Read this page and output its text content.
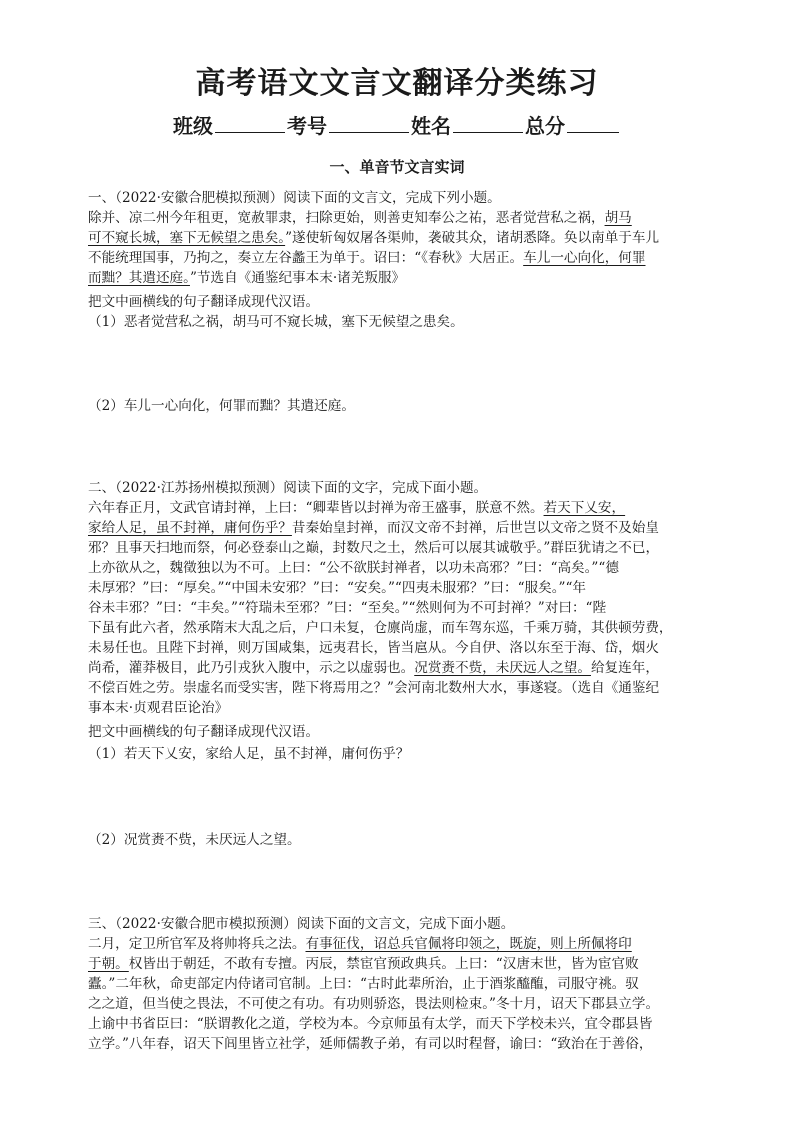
高考语文文言文翻译分类练习
班级	考号	姓名	总分
一、单音节文言实词
一、（2022·安徽合肥模拟预测）阅读下面的文言文，完成下列小题。
除并、凉二州今年租更，宽赦罪隶，扫除更始，则善吏知奉公之祐，恶者觉营私之祸，胡马
可不窥长城，塞下无候望之患矣。”遂使斩匈奴屠各渠帅，袭破其众，诸胡悉降。奂以南单于车儿
不能统理国事，乃拘之，奏立左谷蠡王为单于。诏曰：“《春秋》大居正。车儿一心向化，何罪
而黜？其遣还庭。”节选自《通鉴纪事本末·诸羌叛服》
把文中画横线的句子翻译成现代汉语。
（1）恶者觉营私之祸，胡马可不窥长城，塞下无候望之患矣。
（2）车儿一心向化，何罪而黜？其遣还庭。
二、（2022·江苏扬州模拟预测）阅读下面的文字，完成下面小题。
六年春正月，文武官请封禅，上曰：“卿辈皆以封禅为帝王盛事，朕意不然。若天下乂安，
家给人足，虽不封禅，庸何伤乎？昔秦始皇封禅，而汉文帝不封禅，后世岂以文帝之贤不及始皇
邪？且事天扫地而祭，何必登泰山之巅，封数尺之土，然后可以展其诚敬乎。”群臣犹请之不已，
上亦欲从之，魏徵独以为不可。上曰：“公不欲朕封禅者，以功未高邪？”曰：“高矣。”“德
未厚邪？”曰：“厚矣。”“中国未安邪？”曰：“安矣。”“四夷未服邪？”曰：“服矣。”“年
谷未丰邪？”曰：“丰矣。”“符瑞未至邪？”曰：“至矣。”“然则何为不可封禅？”对曰：“陛
下虽有此六者，然承隋末大乱之后，户口未复，仓廪尚虚，而车驾东巡，千乘万骑，其供顿劳费，
未易任也。且陛下封禅，则万国咸集，远夷君长，皆当扈从。今自伊、洛以东至于海、岱，烟火
尚希，灌莽极目，此乃引戎狄入腹中，示之以虚弱也。况赏赉不赀，未厌远人之望。给复连年，
不偿百姓之劳。崇虚名而受实害，陛下将焉用之？”会河南北数州大水，事遂寝。（选自《通鉴纪
事本末·贞观君臣论治》
把文中画横线的句子翻译成现代汉语。
（1）若天下乂安，家给人足，虽不封禅，庸何伤乎？
（2）况赏赉不赀，未厌远人之望。
三、（2022·安徽合肥市模拟预测）阅读下面的文言文，完成下面小题。
二月，定卫所官军及将帅将兵之法。有事征伐，诏总兵官佩将印领之，既旋，则上所佩将印
于朝。权皆出于朝廷，不敢有专擅。丙辰，禁宦官预政典兵。上曰：“汉唐末世，皆为宦官败
蠹。”二年秋，命吏部定内侍诸司官制。上曰：“古时此辈所治，止于酒浆醯醢，司服守祧。驭
之之道，但当使之畏法，不可使之有功。有功则骄恣，畏法则检束。”冬十月，诏天下郡县立学。
上谕中书省臣曰：“朕谓教化之道，学校为本。今京师虽有太学，而天下学校未兴，宜令郡县皆
立学。”八年春，诏天下闾里皆立社学，延师儒教子弟，有司以时程督，谕曰：“致治在于善俗，
